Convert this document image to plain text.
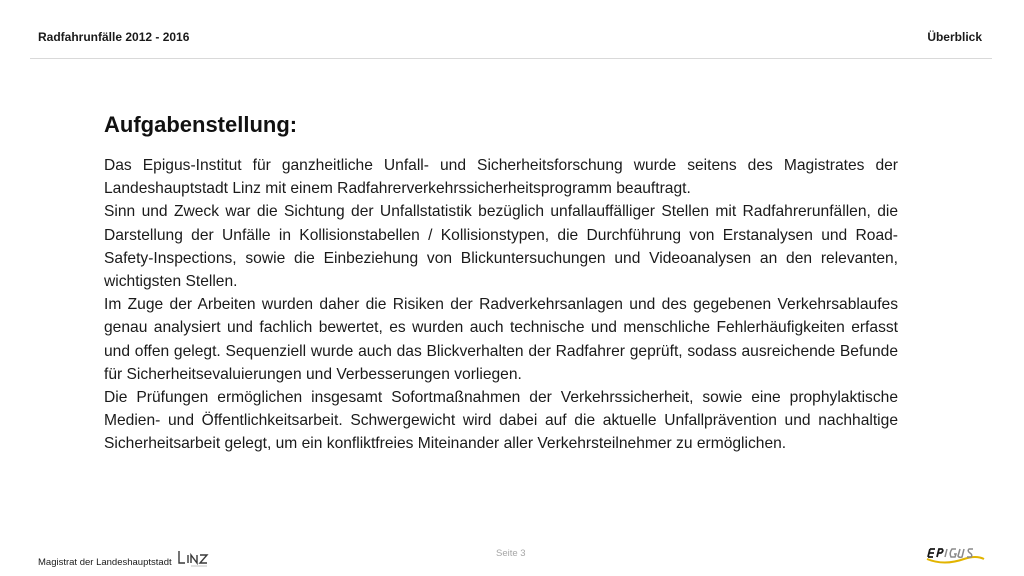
Radfahrunfälle 2012 - 2016	Überblick
Aufgabenstellung:

Das Epigus-Institut für ganzheitliche Unfall- und Sicherheitsforschung wurde seitens des Magistrates der Landeshauptstadt Linz mit einem Radfahrerverkehrssicherheitsprogramm beauftragt.

Sinn und Zweck war die Sichtung der Unfallstatistik bezüglich unfallauffälliger Stellen mit Radfahrerunfällen, die Darstellung der Unfälle in Kollisionstabellen / Kollisionstypen, die Durchführung von Erstanalysen und Road-Safety-Inspections, sowie die Einbeziehung von Blickuntersuchungen und Videoanalysen an den relevanten, wichtigsten Stellen.

Im Zuge der Arbeiten wurden daher die Risiken der Radverkehrsanlagen und des gegebenen Verkehrsablaufes genau analysiert und fachlich bewertet, es wurden auch technische und menschliche Fehlerhäufigkeiten erfasst und offen gelegt. Sequenziell wurde auch das Blickverhalten der Radfahrer geprüft, sodass ausreichende Befunde für Sicherheitsevaluierungen und Verbesserungen vorliegen.

Die Prüfungen ermöglichen insgesamt Sofortmaßnahmen der Verkehrssicherheit, sowie eine prophylaktische Medien- und Öffentlichkeitsarbeit. Schwergewicht wird dabei auf die aktuelle Unfallprävention und nachhaltige Sicherheitsarbeit gelegt, um ein konfliktfreies Miteinander aller Verkehrsteilnehmer zu ermöglichen.

Magistrat der Landeshauptstadt
Seite 3
